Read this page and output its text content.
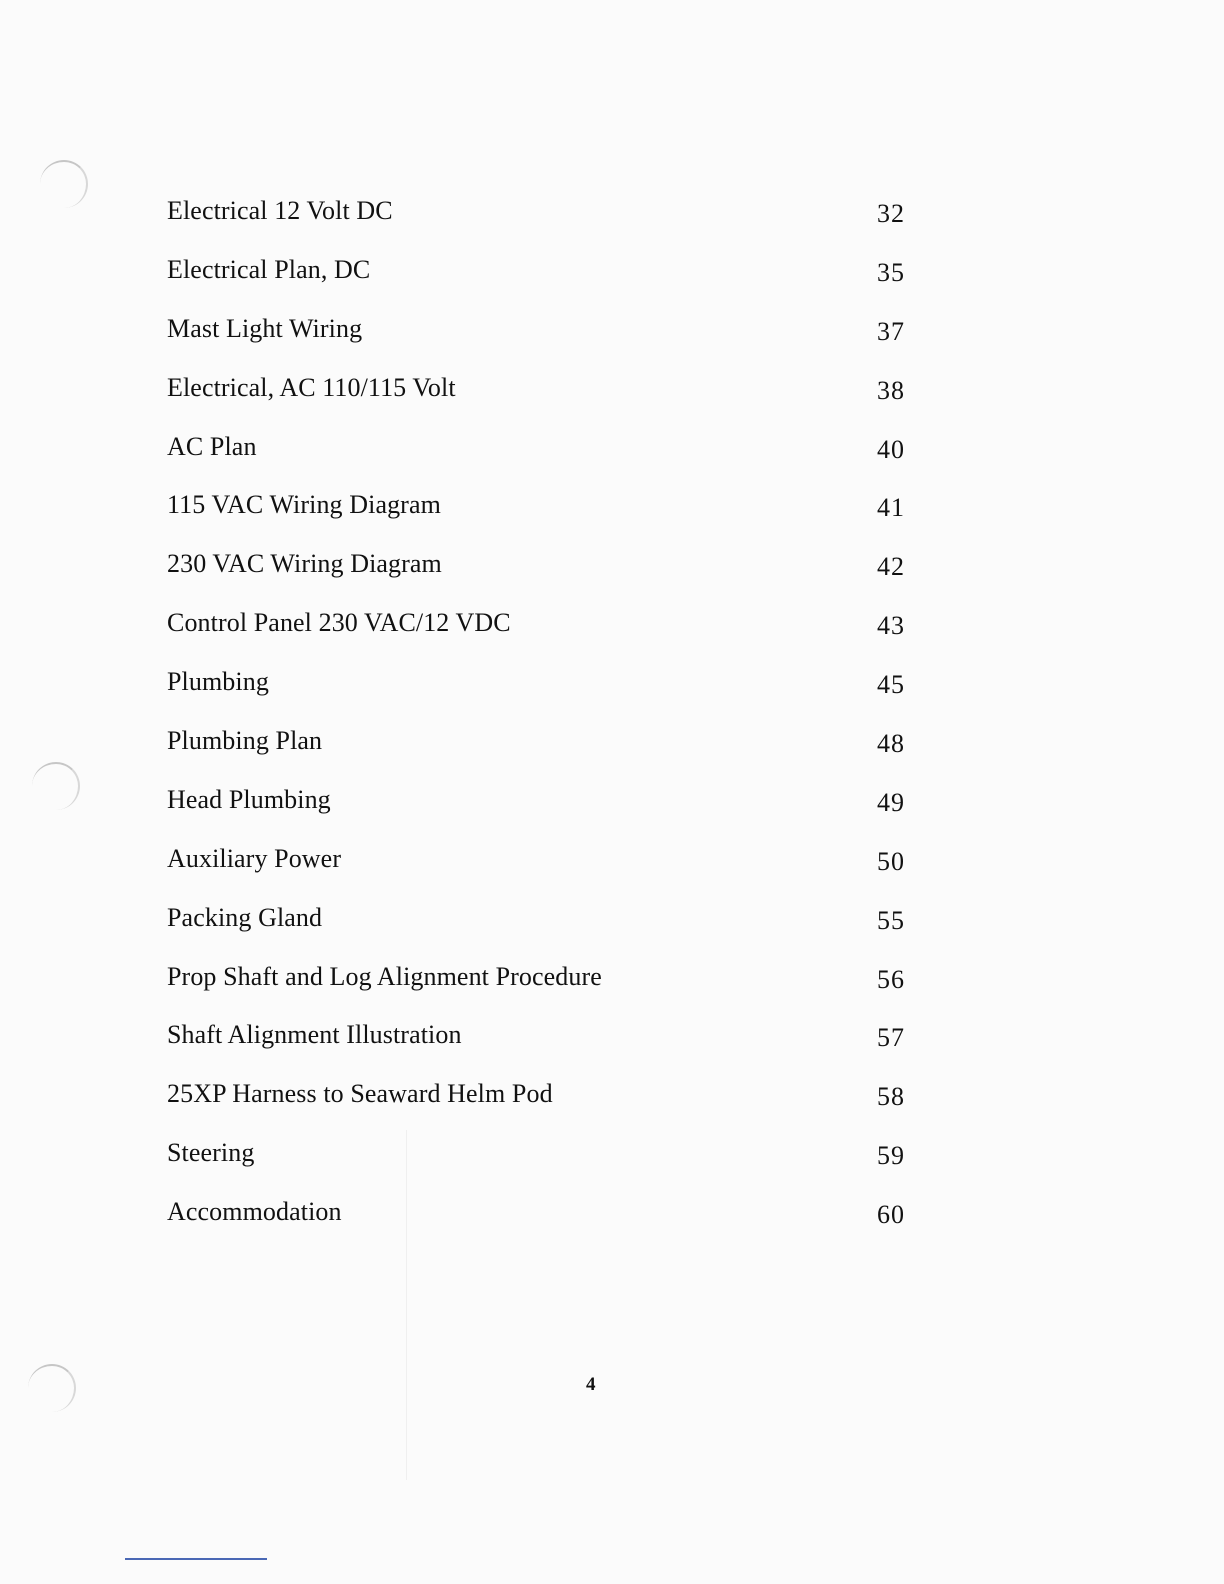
Electrical 12 Volt DC	32
Electrical Plan, DC	35
Mast Light Wiring	37
Electrical, AC 110/115 Volt	38
AC Plan	40
115 VAC Wiring Diagram	41
230 VAC Wiring Diagram	42
Control Panel 230 VAC/12 VDC	43
Plumbing	45
Plumbing Plan	48
Head Plumbing	49
Auxiliary Power	50
Packing Gland	55
Prop Shaft and Log Alignment Procedure	56
Shaft Alignment Illustration	57
25XP Harness to Seaward Helm Pod	58
Steering	59
Accommodation	60
4
